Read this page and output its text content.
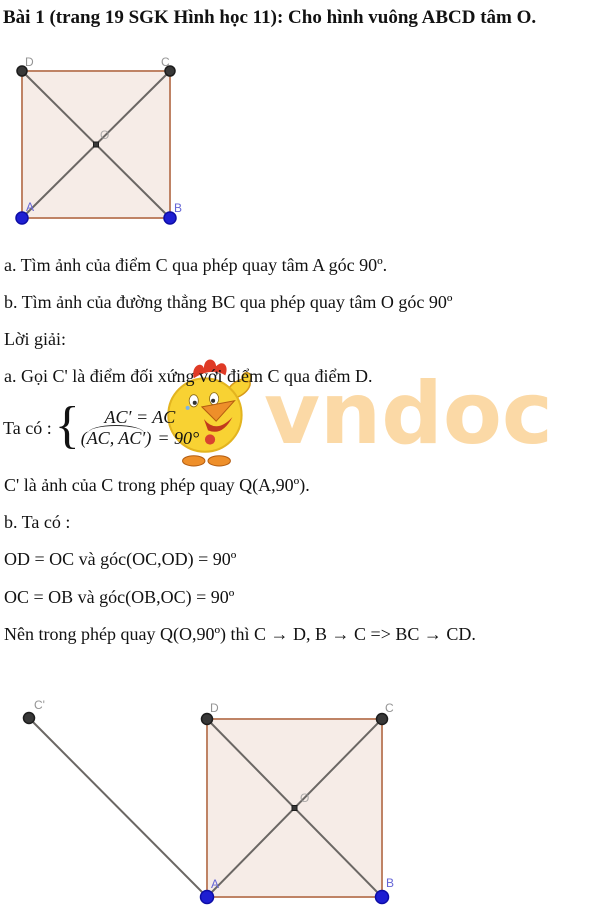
vndoc
Bài 1 (trang 19 SGK Hình học 11): Cho hình vuông ABCD tâm O.
D	C
A	B
O

a. Tìm ảnh của điểm C qua phép quay tâm A góc 90º.

b. Tìm ảnh của đường thẳng BC qua phép quay tâm O góc 90º

Lời giải:

a. Gọi C' là điểm đối xứng với điểm C qua điểm D.

Ta có : { AC′ = AC
(AC, AC′) = 90°

C' là ảnh của C trong phép quay Q(A,90º).

b. Ta có :

OD = OC và góc(OC,OD) = 90º

OC = OB và góc(OB,OC) = 90º

Nên trong phép quay Q(O,90º) thì C → D, B → C => BC → CD.

C'	D	C
A	B
O
